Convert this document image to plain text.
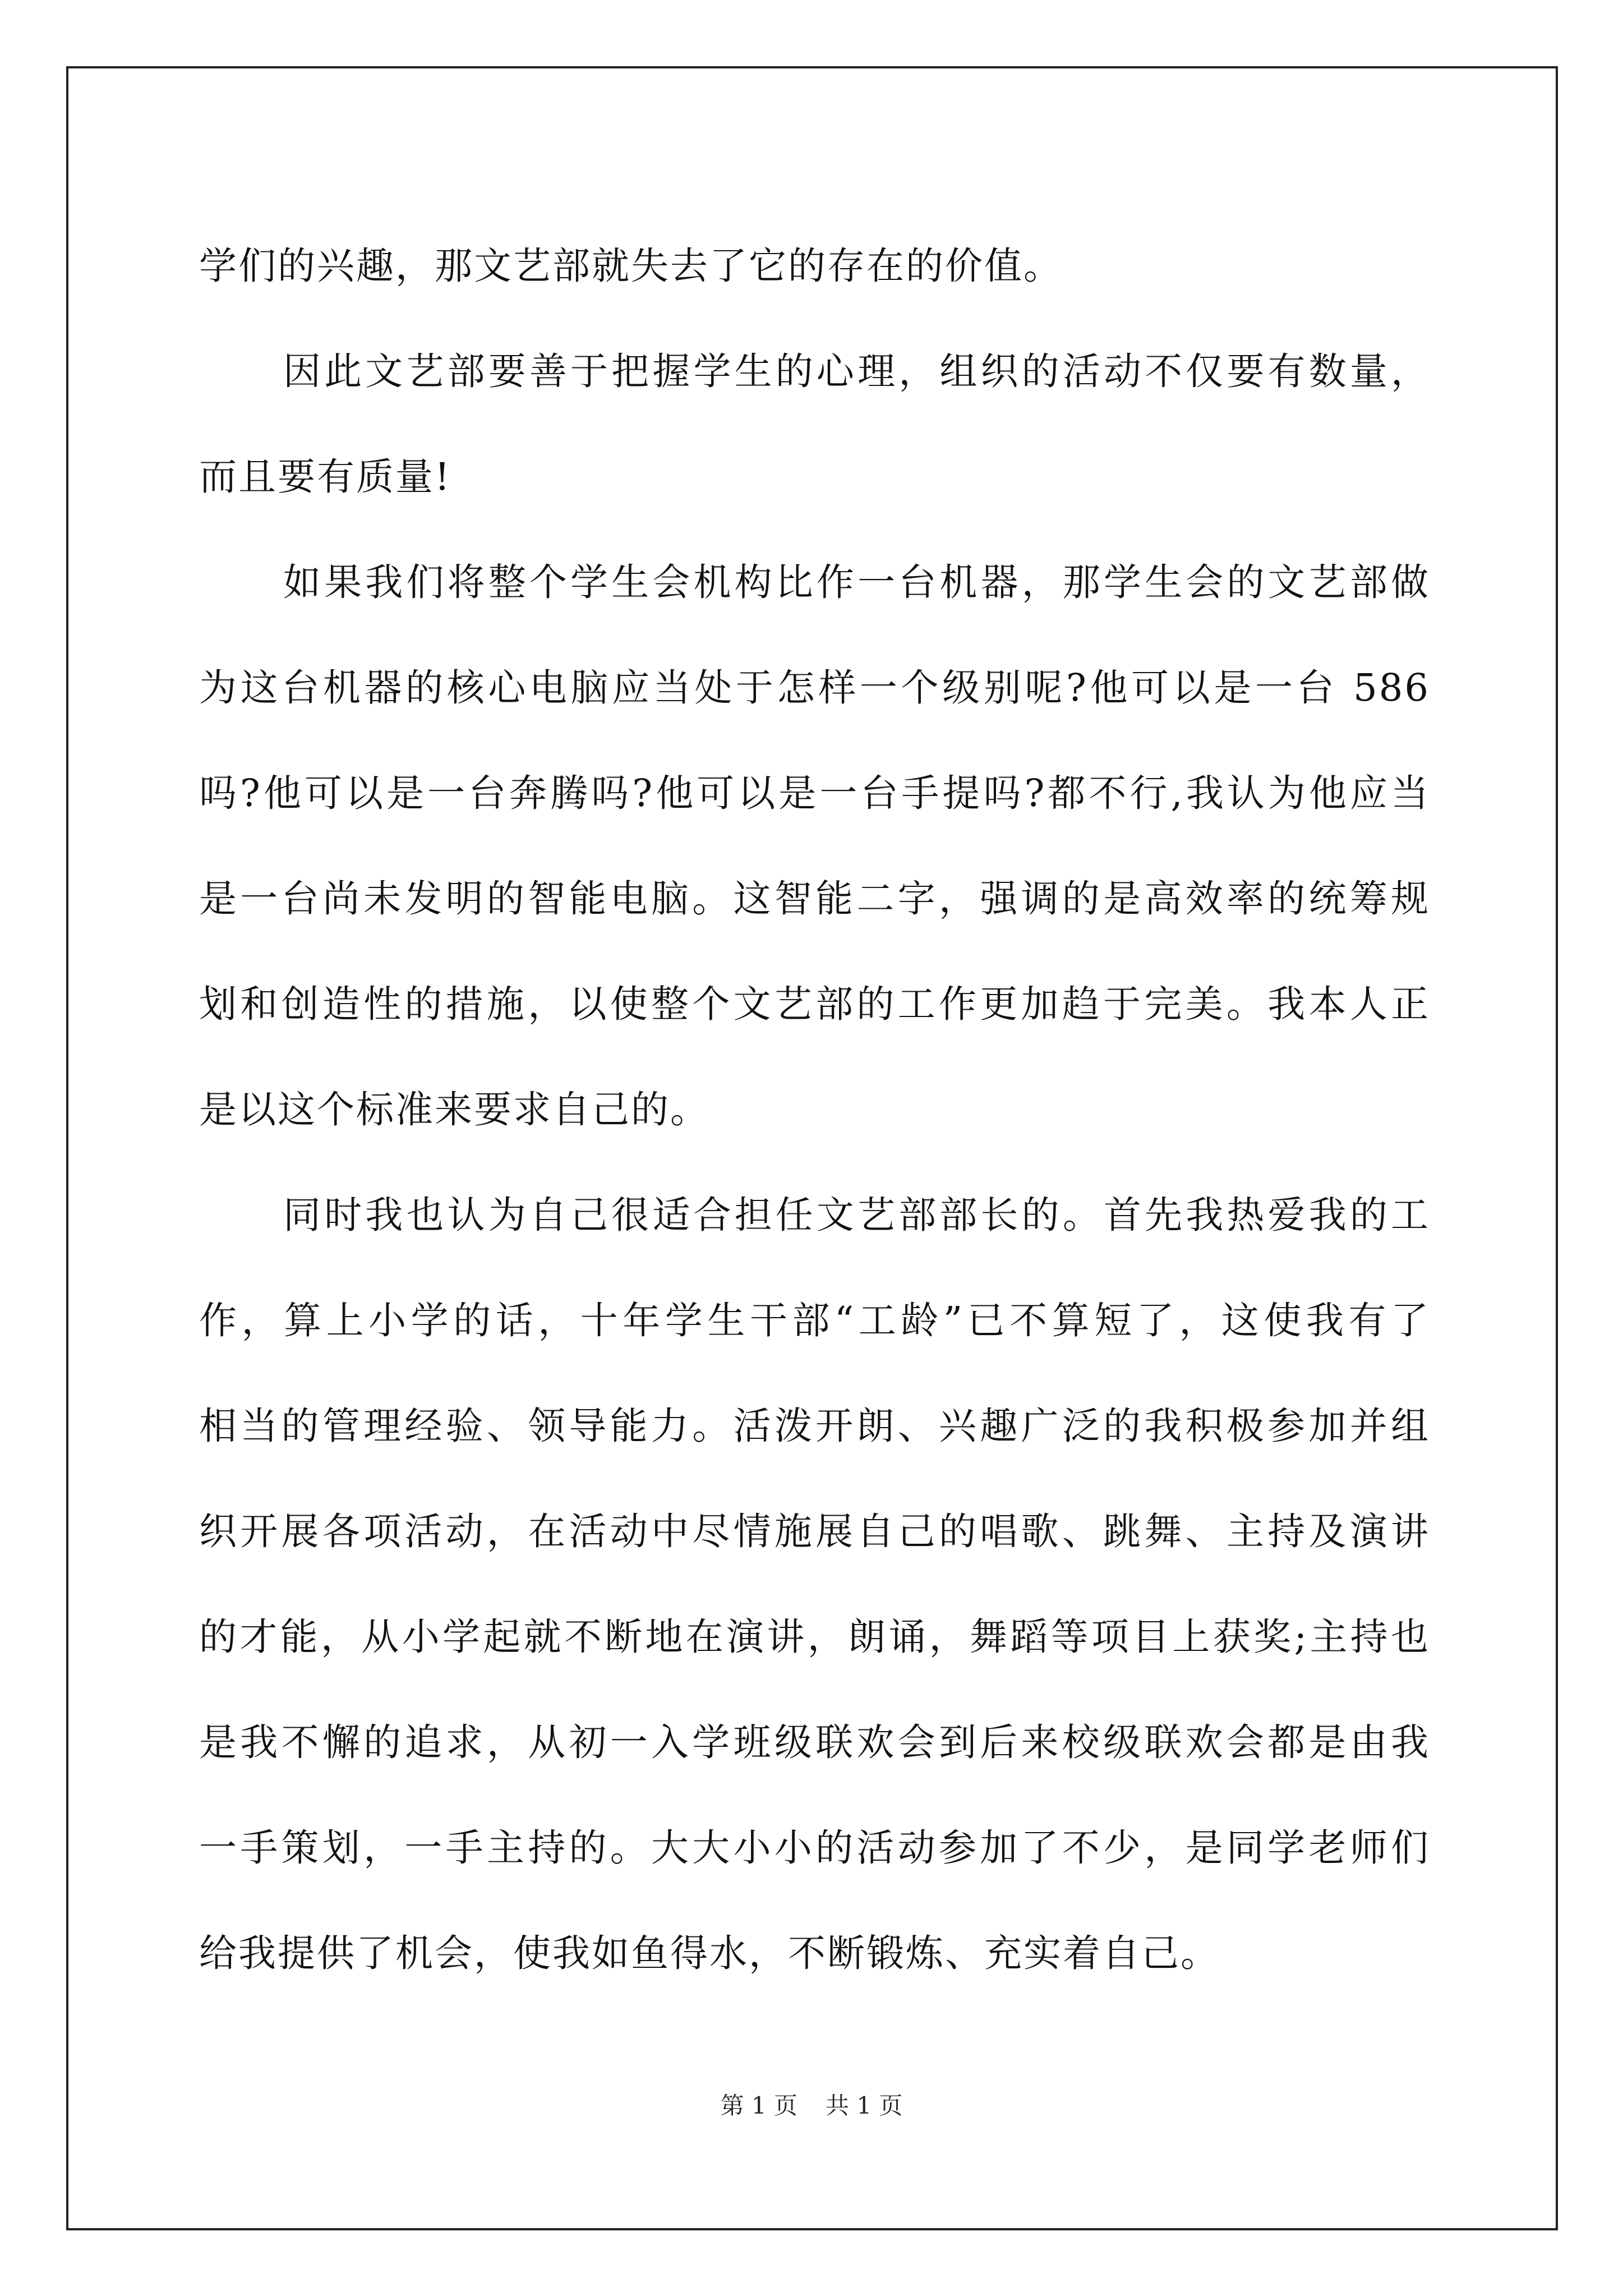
学们的兴趣，那文艺部就失去了它的存在的价值。
因此文艺部要善于把握学生的心理，组织的活动不仅要有数量，
而且要有质量!
如果我们将整个学生会机构比作一台机器，那学生会的文艺部做
为这台机器的核心电脑应当处于怎样一个级别呢?他可以是一台 586
吗?他可以是一台奔腾吗?他可以是一台手提吗?都不行,我认为他应当
是一台尚未发明的智能电脑。这智能二字，强调的是高效率的统筹规
划和创造性的措施，以使整个文艺部的工作更加趋于完美。我本人正
是以这个标准来要求自己的。
同时我也认为自己很适合担任文艺部部长的。首先我热爱我的工
作，算上小学的话，十年学生干部“工龄”已不算短了，这使我有了
相当的管理经验、领导能力。活泼开朗、兴趣广泛的我积极参加并组
织开展各项活动，在活动中尽情施展自己的唱歌、跳舞、主持及演讲
的才能，从小学起就不断地在演讲，朗诵，舞蹈等项目上获奖;主持也
是我不懈的追求，从初一入学班级联欢会到后来校级联欢会都是由我
一手策划，一手主持的。大大小小的活动参加了不少，是同学老师们
给我提供了机会，使我如鱼得水，不断锻炼、充实着自己。
第 1 页 共 1 页
